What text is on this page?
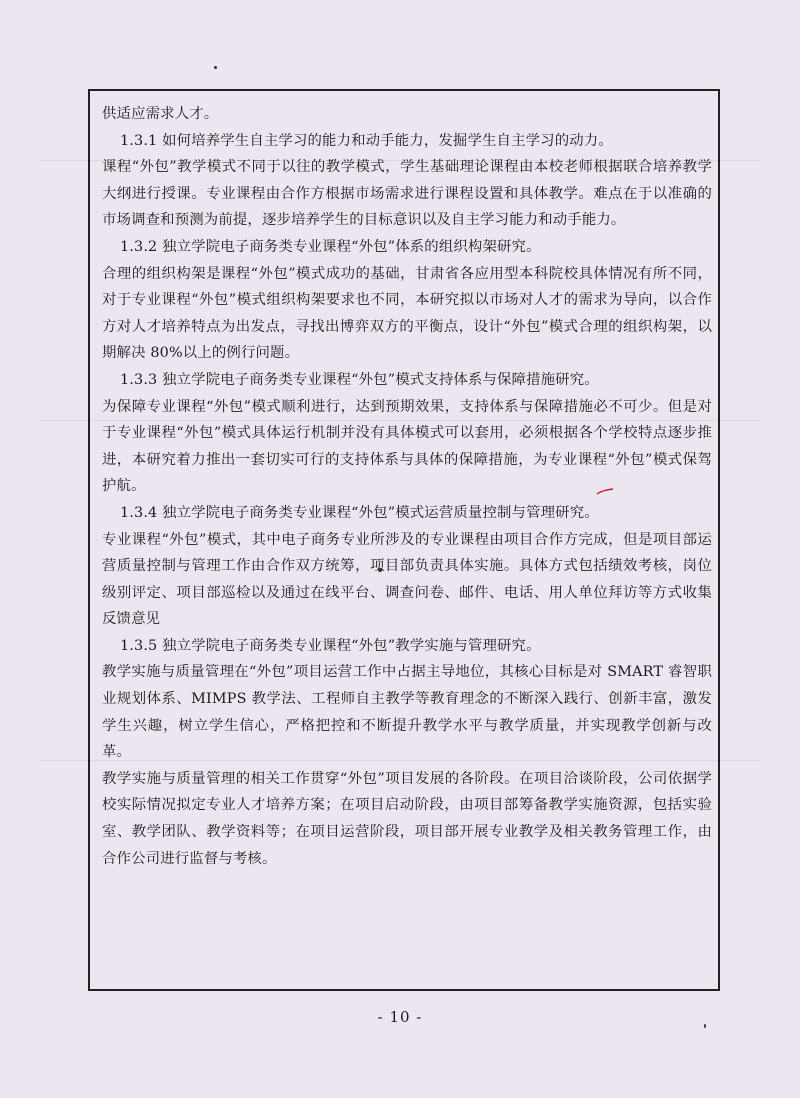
供适应需求人才。

1.3.1 如何培养学生自主学习的能力和动手能力，发掘学生自主学习的动力。

课程“外包”教学模式不同于以往的教学模式，学生基础理论课程由本校老师根据联合培养教学大纲进行授课。专业课程由合作方根据市场需求进行课程设置和具体教学。难点在于以准确的市场调查和预测为前提，逐步培养学生的目标意识以及自主学习能力和动手能力。

1.3.2 独立学院电子商务类专业课程“外包”体系的组织构架研究。

合理的组织构架是课程“外包”模式成功的基础，甘肃省各应用型本科院校具体情况有所不同，对于专业课程“外包”模式组织构架要求也不同，本研究拟以市场对人才的需求为导向，以合作方对人才培养特点为出发点，寻找出博弈双方的平衡点，设计“外包”模式合理的组织构架，以期解决 80%以上的例行问题。

1.3.3 独立学院电子商务类专业课程“外包”模式支持体系与保障措施研究。

为保障专业课程“外包”模式顺利进行，达到预期效果，支持体系与保障措施必不可少。但是对于专业课程“外包”模式具体运行机制并没有具体模式可以套用，必须根据各个学校特点逐步推进，本研究着力推出一套切实可行的支持体系与具体的保障措施，为专业课程“外包”模式保驾护航。

1.3.4 独立学院电子商务类专业课程“外包”模式运营质量控制与管理研究。

专业课程“外包”模式，其中电子商务专业所涉及的专业课程由项目合作方完成，但是项目部运营质量控制与管理工作由合作双方统筹，项目部负责具体实施。具体方式包括绩效考核，岗位级别评定、项目部巡检以及通过在线平台、调查问卷、邮件、电话、用人单位拜访等方式收集反馈意见

1.3.5 独立学院电子商务类专业课程“外包”教学实施与管理研究。

教学实施与质量管理在“外包”项目运营工作中占据主导地位，其核心目标是对 SMART 睿智职业规划体系、MIMPS 教学法、工程师自主教学等教育理念的不断深入践行、创新丰富，激发学生兴趣，树立学生信心，严格把控和不断提升教学水平与教学质量，并实现教学创新与改革。

教学实施与质量管理的相关工作贯穿“外包”项目发展的各阶段。在项目洽谈阶段，公司依据学校实际情况拟定专业人才培养方案；在项目启动阶段，由项目部筹备教学实施资源，包括实验室、教学团队、教学资料等；在项目运营阶段，项目部开展专业教学及相关教务管理工作，由合作公司进行监督与考核。

- 10 -
